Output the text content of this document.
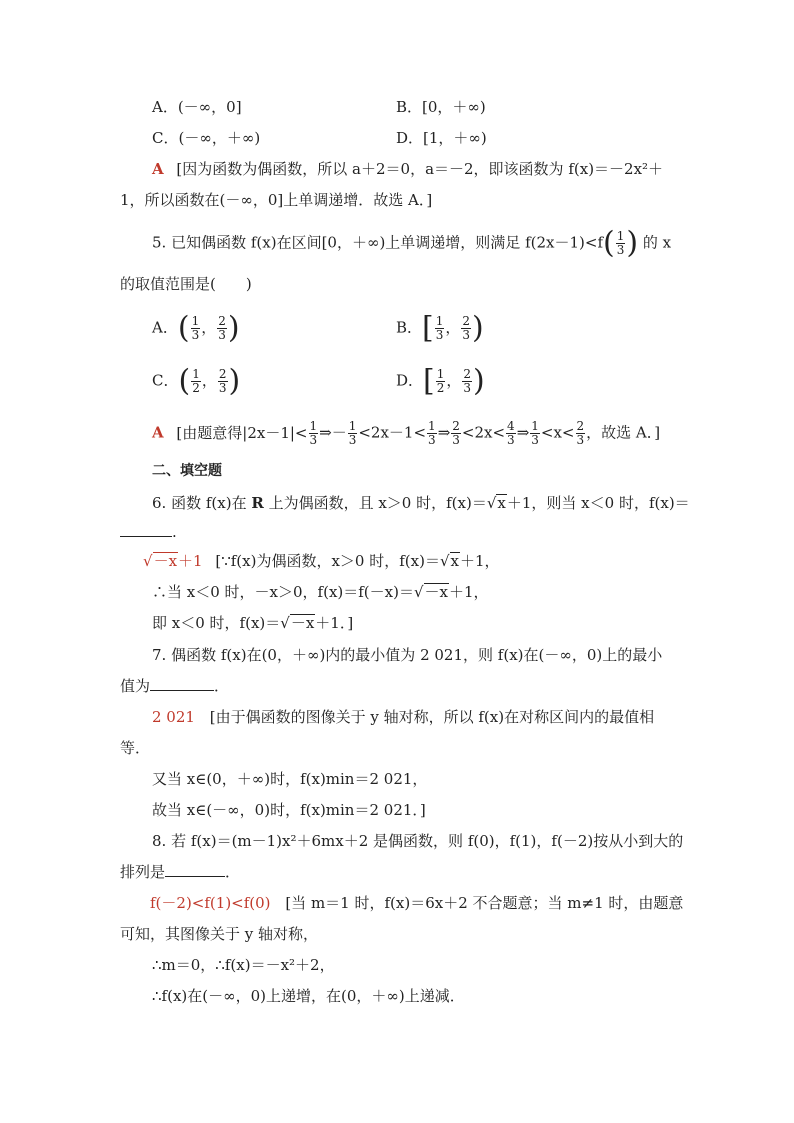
A．(－∞，0]	B．[0，＋∞)
C．(－∞，＋∞)	D．[1，＋∞)
A [因为函数为偶函数，所以 a＋2＝0，a＝－2，即该函数为 f(x)＝－2x²＋
1，所以函数在(－∞，0]上单调递增．故选 A．]
5. 已知偶函数 f(x)在区间[0，＋∞)上单调递增，则满足 $f(2x-1)<f( \frac{1}{3}$ ) 的 x
的取值范围是(　　)
A．( $\frac{1}{3}$ ， $\frac{2}{3}$ )	B．[ $\frac{1}{3}$ ， $\frac{2}{3}$ )
C．( $\frac{1}{2}$ ， $\frac{2}{3}$ )	D．[ $\frac{1}{2}$ ， $\frac{2}{3}$ )
A [由题意得$|2x-1|< \frac{1}{3}$ ⇒－ $\frac{1}{3} <2x-1< \frac{1}{3}$ ⇒ $\frac{2}{3} <2x< \frac{4}{3}$ ⇒ $\frac{1}{3} <x< \frac{2}{3}$ ，故选 A．]
二、填空题
6. 函数 f(x)在 R 上为偶函数，且 x＞0 时，f(x)＝√x＋1，则当 x＜0 时，f(x)＝
.
√－x＋1 [∵f(x)为偶函数，x＞0 时，f(x)＝√x＋1，
∴当 x＜0 时，－x＞0，f(x)＝f(－x)＝√－x＋1，
即 x＜0 时，f(x)＝√－x＋1．]
7. 偶函数 f(x)在(0，＋∞)内的最小值为 2 021，则 f(x)在(－∞，0)上的最小
值为	．
2 021 [由于偶函数的图像关于 y 轴对称，所以 f(x)在对称区间内的最值相
等．
又当 x∈(0，＋∞)时，f(x)min＝2 021，
故当 x∈(－∞，0)时，f(x)min＝2 021．]
8. 若 f(x)＝(m－1)x²＋6mx＋2 是偶函数，则 f(0)，f(1)，f(－2)按从小到大的
排列是	．
f(－2)<f(1)<f(0) [当 m＝1 时，f(x)＝6x＋2 不合题意；当 m≠1 时，由题意
可知，其图像关于 y 轴对称，
∴m＝0，∴f(x)＝－x²＋2，
∴f(x)在(－∞，0)上递增，在(0，＋∞)上递减．
